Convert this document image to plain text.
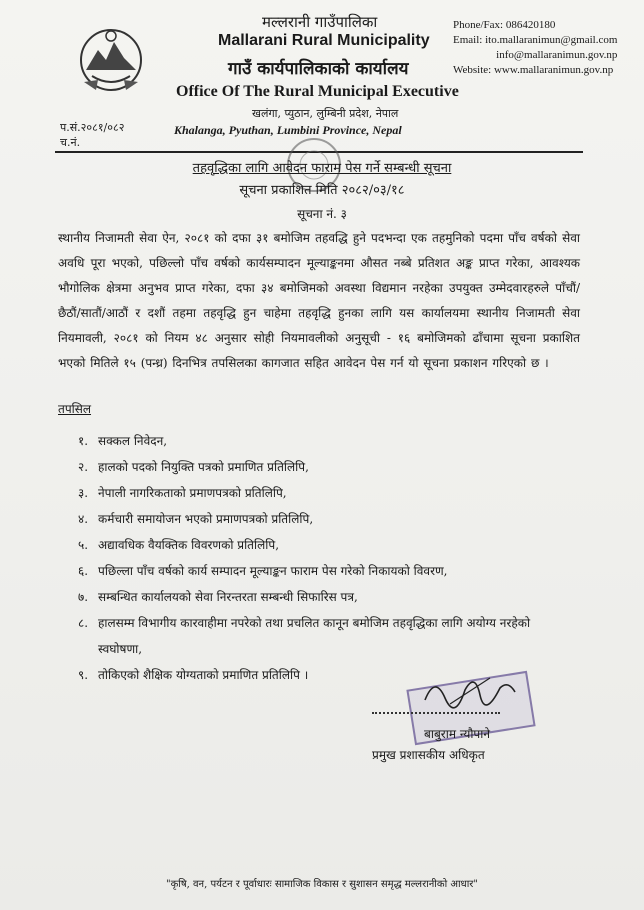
मल्लरानी गाउँपालिका
Mallarani Rural Municipality
गाउँ कार्यपालिकाको कार्यालय
Office Of The Rural Municipal Executive
Phone/Fax: 086420180
Email: ito.mallaranimun@gmail.com
info@mallaranimun.gov.np
Website: www.mallaranimun.gov.np
खलंगा, प्युठान, लुम्बिनी प्रदेश, नेपाल
Khalanga, Pyuthan, Lumbini Province, Nepal
प.सं.२०८१/०८२
च.नं.
तहवृद्धिका लागि आवेदन फाराम पेस गर्ने सम्बन्धी सूचना
सूचना प्रकाशित मिति २०८२/०३/१८
सूचना नं. ३
स्थानीय निजामती सेवा ऐन, २०८१ को दफा ३१ बमोजिम तहवद्धि हुने पदभन्दा एक तहमुनिको पदमा पाँच वर्षको सेवा अवधि पूरा भएको, पछिल्लो पाँच वर्षको कार्यसम्पादन मूल्याङ्कनमा औसत नब्बे प्रतिशत अङ्क प्राप्त गरेका, आवश्यक भौगोलिक क्षेत्रमा अनुभव प्राप्त गरेका, दफा ३४ बमोजिमको अवस्था विद्यमान नरहेका उपयुक्त उम्मेदवारहरुले पाँचौं/छैठौं/सातौं/आठौं र दशौं तहमा तहवृद्धि हुन चाहेमा तहवृद्धि हुनका लागि यस कार्यालयमा स्थानीय निजामती सेवा नियमावली, २०८१ को नियम ४८ अनुसार सोही नियमावलीको अनुसूची - १६ बमोजिमको ढाँचामा सूचना प्रकाशित भएको मितिले १५ (पन्ध्र) दिनभित्र तपसिलका कागजात सहित आवेदन पेस गर्न यो सूचना प्रकाशन गरिएको छ ।
तपसिल
१. सक्कल निवेदन,
२. हालको पदको नियुक्ति पत्रको प्रमाणित प्रतिलिपि,
३. नेपाली नागरिकताको प्रमाणपत्रको प्रतिलिपि,
४. कर्मचारी समायोजन भएको प्रमाणपत्रको प्रतिलिपि,
५. अद्यावधिक वैयक्तिक विवरणको प्रतिलिपि,
६. पछिल्ला पाँच वर्षको कार्य सम्पादन मूल्याङ्कन फाराम पेस गरेको निकायको विवरण,
७. सम्बन्धित कार्यालयको सेवा निरन्तरता सम्बन्धी सिफारिस पत्र,
८. हालसम्म विभागीय कारवाहीमा नपरेको तथा प्रचलित कानून बमोजिम तहवृद्धिका लागि अयोग्य नरहेको स्वघोषणा,
९. तोकिएको शैक्षिक योग्यताको प्रमाणित प्रतिलिपि ।
बाबुराम न्यौपाने
प्रमुख प्रशासकीय अधिकृत
"कृषि, वन, पर्यटन र पूर्वाधारः सामाजिक विकास र सुशासन समृद्ध मल्लरानीको आधार"
